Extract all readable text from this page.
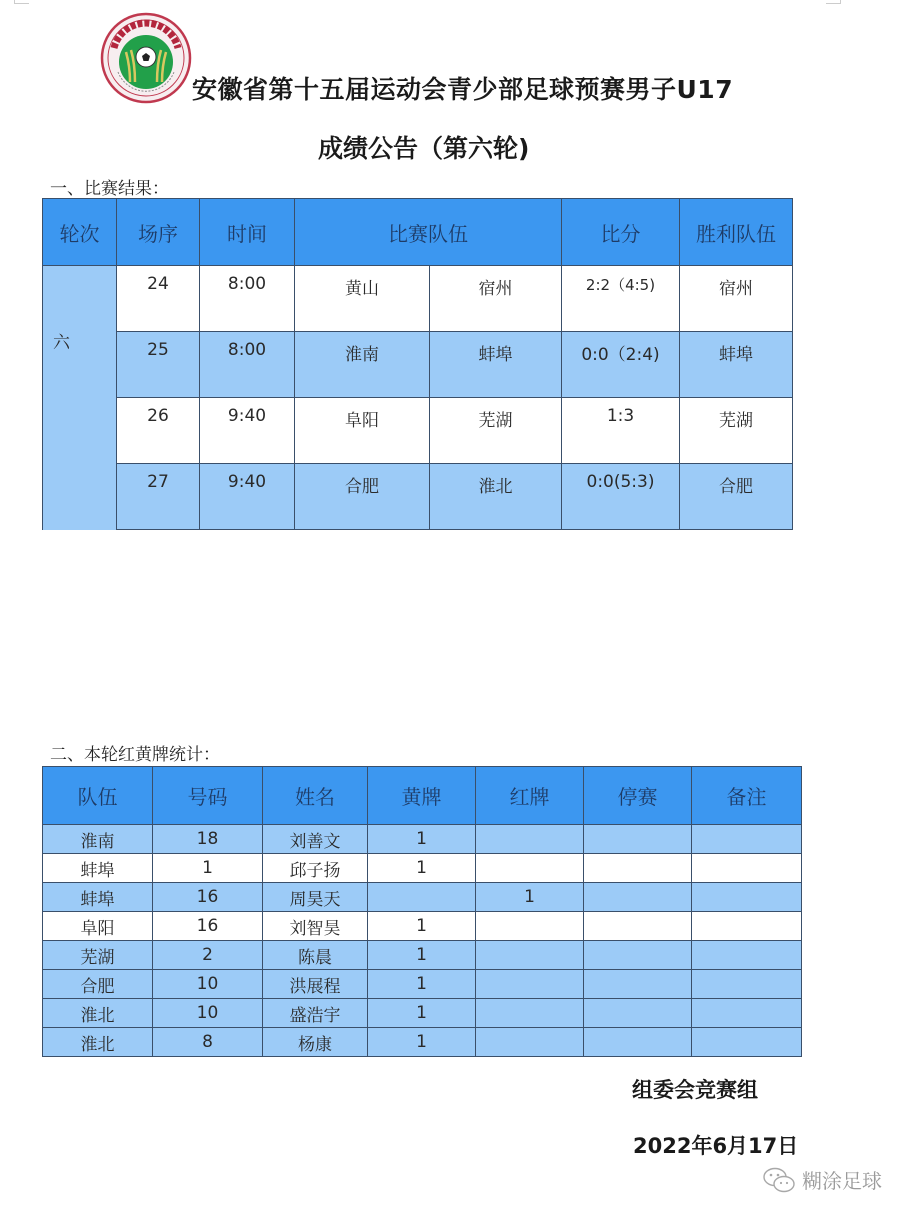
安徽省第十五届运动会青少部足球预赛男子U17
成绩公告（第六轮)
一、比赛结果：
轮次	场序	时间	比赛队伍		比分	胜利队伍
六	24	8:00	黄山	宿州	2:2（4:5)	宿州
	25	8:00	淮南	蚌埠	0:0（2:4)	蚌埠
	26	9:40	阜阳	芜湖	1:3	芜湖
	27	9:40	合肥	淮北	0:0(5:3)	合肥
二、本轮红黄牌统计：
队伍	号码	姓名	黄牌	红牌	停赛	备注
淮南	18	刘善文	1			
蚌埠	1	邱子扬	1			
蚌埠	16	周昊天		1		
阜阳	16	刘智昊	1			
芜湖	2	陈晨	1			
合肥	10	洪展程	1			
淮北	10	盛浩宇	1			
淮北	8	杨康	1			
组委会竞赛组
2022年6月17日
糊涂足球
